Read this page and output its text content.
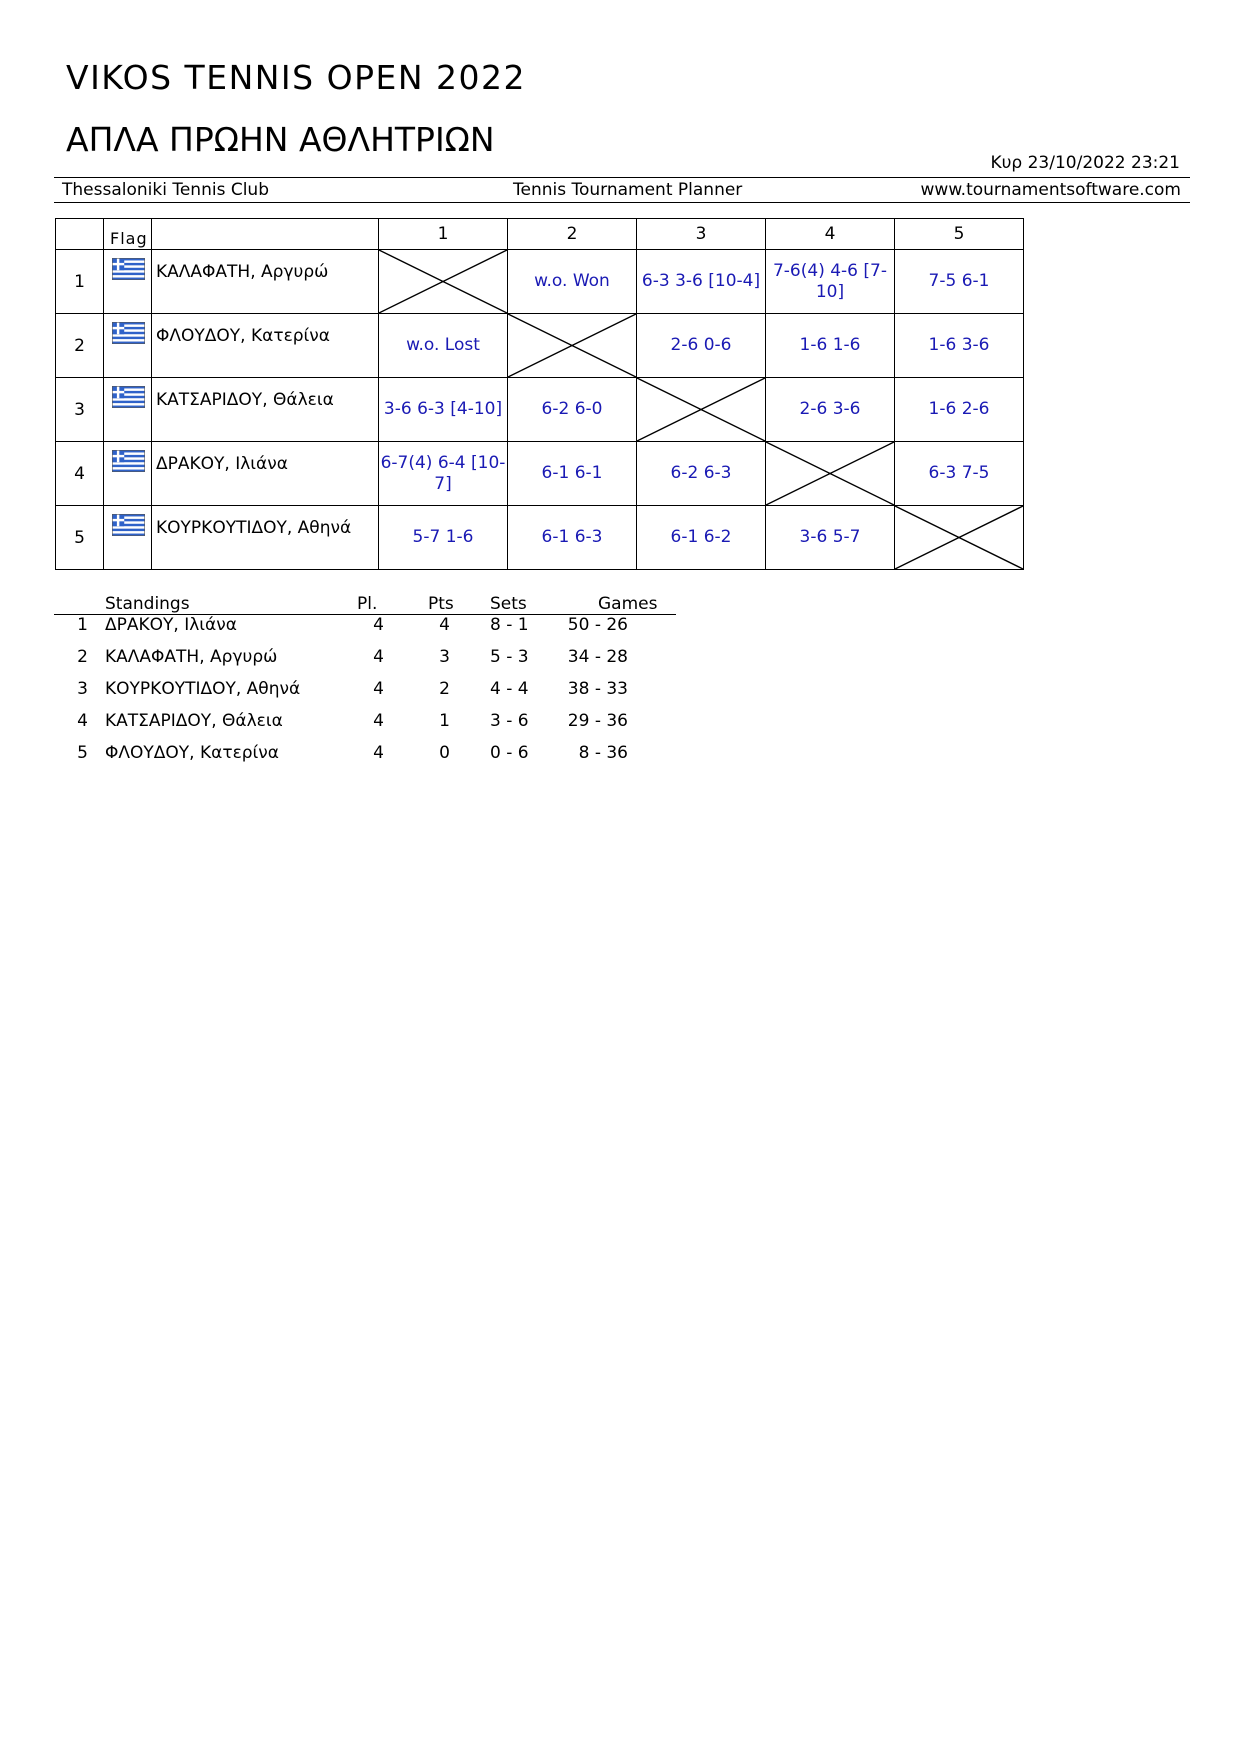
VIKOS TENNIS OPEN 2022
ΑΠΛΑ ΠΡΩΗΝ ΑΘΛΗΤΡΙΩΝ
Κυρ 23/10/2022 23:21
Thessaloniki Tennis Club	Tennis Tournament Planner	www.tournamentsoftware.com

	Flag		1	2	3	4	5
1		ΚΑΛΑΦΑΤΗ, Αργυρώ		w.o. Won	6-3 3-6 [10-4]	7-6(4) 4-6 [7-10]	7-5 6-1
2		ΦΛΟΥΔΟΥ, Κατερίνα	w.o. Lost		2-6 0-6	1-6 1-6	1-6 3-6
3		ΚΑΤΣΑΡΙΔΟΥ, Θάλεια	3-6 6-3 [4-10]	6-2 6-0		2-6 3-6	1-6 2-6
4		ΔΡΑΚΟΥ, Ιλιάνα	6-7(4) 6-4 [10-7]	6-1 6-1	6-2 6-3		6-3 7-5
5		ΚΟΥΡΚΟΥΤΙΔΟΥ, Αθηνά	5-7 1-6	6-1 6-3	6-1 6-2	3-6 5-7	
Standings	Pl.	Pts Sets	Games
1 ΔΡΑΚΟΥ, Ιλιάνα	4	4 8 - 1	50 - 26
2 ΚΑΛΑΦΑΤΗ, Αργυρώ	4	3 5 - 3	34 - 28
3 ΚΟΥΡΚΟΥΤΙΔΟΥ, Αθηνά	4	2 4 - 4	38 - 33
4 ΚΑΤΣΑΡΙΔΟΥ, Θάλεια	4	1 3 - 6	29 - 36
5 ΦΛΟΥΔΟΥ, Κατερίνα	4	0 0 - 6	8 - 36
